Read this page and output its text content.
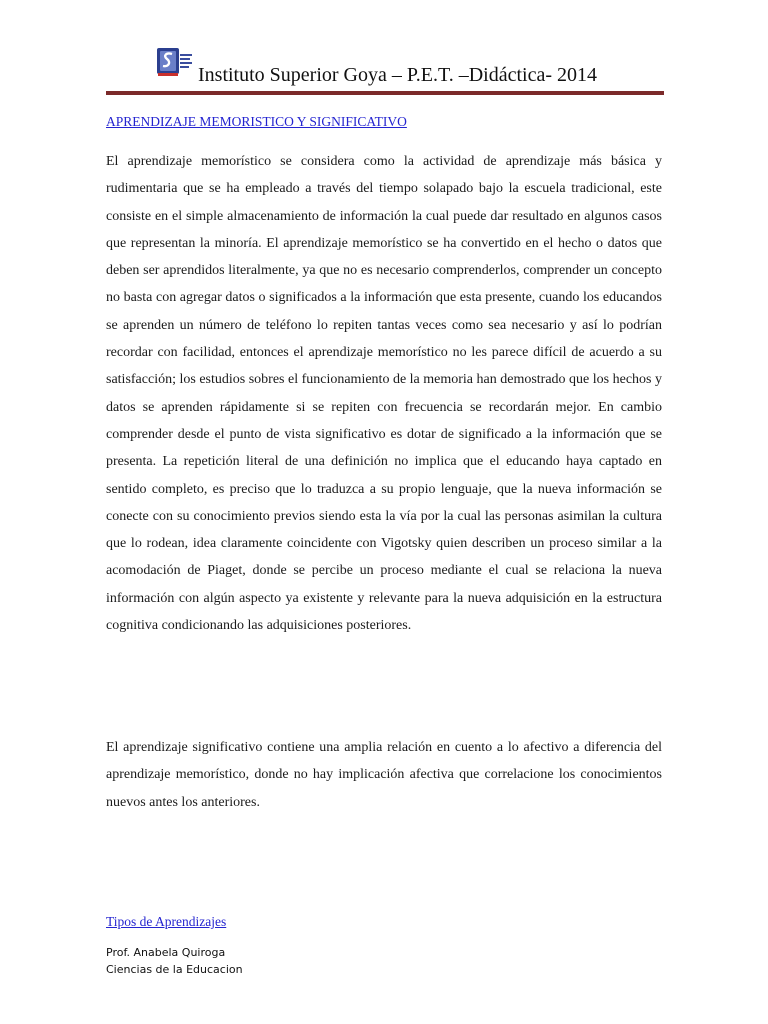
Instituto Superior Goya – P.E.T. –Didáctica- 2014
APRENDIZAJE MEMORISTICO Y SIGNIFICATIVO

El aprendizaje memorístico se considera como la actividad de aprendizaje más básica y rudimentaria que se ha empleado a través del tiempo solapado bajo la escuela tradicional, este consiste en el simple almacenamiento de información la cual puede dar resultado en algunos casos que representan la minoría. El aprendizaje memorístico se ha convertido en el hecho o datos que deben ser aprendidos literalmente, ya que no es necesario comprenderlos, comprender un concepto no basta con agregar datos o significados a la información que esta presente, cuando los educandos se aprenden un número de teléfono lo repiten tantas veces como sea necesario y así lo podrían recordar con facilidad, entonces el aprendizaje memorístico no les parece difícil de acuerdo a su satisfacción; los estudios sobres el funcionamiento de la memoria han demostrado que los hechos y datos se aprenden rápidamente si se repiten con frecuencia se recordarán mejor. En cambio comprender desde el punto de vista significativo es dotar de significado a la información que se presenta. La repetición literal de una definición no implica que el educando haya captado en sentido completo, es preciso que lo traduzca a su propio lenguaje, que la nueva información se conecte con su conocimiento previos siendo esta la vía por la cual las personas asimilan la cultura que lo rodean, idea claramente coincidente con Vigotsky quien describen un proceso similar a la acomodación de Piaget, donde se percibe un proceso mediante el cual se relaciona la nueva información con algún aspecto ya existente y relevante para la nueva adquisición en la estructura cognitiva condicionando las adquisiciones posteriores.

El aprendizaje significativo contiene una amplia relación en cuento a lo afectivo a diferencia del aprendizaje memorístico, donde no hay implicación afectiva que correlacione los conocimientos nuevos antes los anteriores.

Tipos de Aprendizajes
Prof. Anabela Quiroga
Ciencias de la Educacion
